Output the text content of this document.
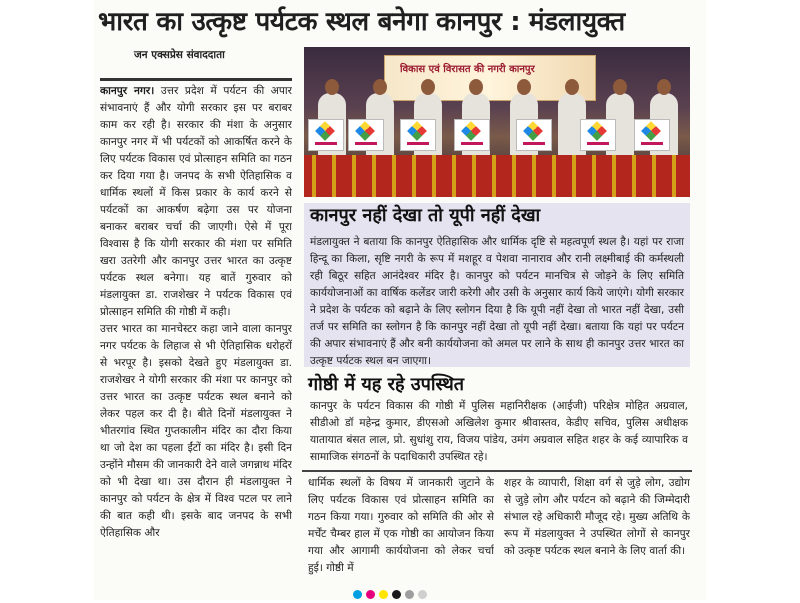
भारत का उत्कृष्ट पर्यटक स्थल बनेगा कानपुर : मंडलायुक्त
जन एक्सप्रेस संवाददाता

कानपुर नगर। उत्तर प्रदेश में पर्यटन की अपार संभावनाएं हैं और योगी सरकार इस पर बराबर काम कर रही है। सरकार की मंशा के अनुसार कानपुर नगर में भी पर्यटकों को आकर्षित करने के लिए पर्यटक विकास एवं प्रोत्साहन समिति का गठन कर दिया गया है। जनपद के सभी ऐतिहासिक व धार्मिक स्थलों में किस प्रकार के कार्य करने से पर्यटकों का आकर्षण बढ़ेगा उस पर योजना बनाकर बराबर चर्चा की जाएगी। ऐसे में पूरा विश्वास है कि योगी सरकार की मंशा पर समिति खरा उतरेगी और कानपुर उत्तर भारत का उत्कृष्ट पर्यटक स्थल बनेगा। यह बातें गुरुवार को मंडलायुक्त डा. राजशेखर ने पर्यटक विकास एवं प्रोत्साहन समिति की गोष्ठी में कही।

उत्तर भारत का मानचेस्टर कहा जाने वाला कानपुर नगर पर्यटक के लिहाज से भी ऐतिहासिक धरोहरों से भरपूर है। इसको देखते हुए मंडलायुक्त डा. राजशेखर ने योगी सरकार की मंशा पर कानपुर को उत्तर भारत का उत्कृष्ट पर्यटक स्थल बनाने को लेकर पहल कर दी है। बीते दिनों मंडलायुक्त ने भीतरगांव स्थित गुप्तकालीन मंदिर का दौरा किया था जो देश का पहला ईंटों का मंदिर है। इसी दिन उन्होंने मौसम की जानकारी देने वाले जगन्नाथ मंदिर को भी देखा था। उस दौरान ही मंडलायुक्त ने कानपुर को पर्यटन के क्षेत्र में विश्व पटल पर लाने की बात कही थी। इसके बाद जनपद के सभी ऐतिहासिक और

विकास एवं विरासत की नगरी कानपुर
कानपुर नहीं देखा तो यूपी नहीं देखा

मंडलायुक्त ने बताया कि कानपुर ऐतिहासिक और धार्मिक दृष्टि से महत्वपूर्ण स्थल है। यहां पर राजा हिन्दू का किला, सृष्टि नगरी के रूप में मशहूर व पेशवा नानाराव और रानी लक्ष्मीबाई की कर्मस्थली रही बिठूर सहित आनंदेश्वर मंदिर है। कानपुर को पर्यटन मानचित्र से जोड़ने के लिए समिति कार्ययोजनाओं का वार्षिक कलेंडर जारी करेगी और उसी के अनुसार कार्य किये जाएंगे। योगी सरकार ने प्रदेश के पर्यटक को बढ़ाने के लिए स्लोगन दिया है कि यूपी नहीं देखा तो भारत नहीं देखा, उसी तर्ज पर समिति का स्लोगन है कि कानपुर नहीं देखा तो यूपी नहीं देखा। बताया कि यहां पर पर्यटन की अपार संभावनाएं हैं और बनी कार्ययोजना को अमल पर लाने के साथ ही कानपुर उत्तर भारत का उत्कृष्ट पर्यटक स्थल बन जाएगा।

गोष्ठी में यह रहे उपस्थित

कानपुर के पर्यटन विकास की गोष्ठी में पुलिस महानिरीक्षक (आईजी) परिक्षेत्र मोहित अग्रवाल, सीडीओ डॉ महेन्द्र कुमार, डीएसओ अखिलेश कुमार श्रीवास्तव, केडीए सचिव, पुलिस अधीक्षक यातायात बंसत लाल, प्रो. सुधांशु राय, विजय पांडेय, उमंग अग्रवाल सहित शहर के कई व्यापारिक व सामाजिक संगठनों के पदाधिकारी उपस्थित रहे।

धार्मिक स्थलों के विषय में जानकारी जुटाने के लिए पर्यटक विकास एवं प्रोत्साहन समिति का गठन किया गया। गुरुवार को समिति की ओर से मर्चेंट चैम्बर हाल में एक गोष्ठी का आयोजन किया गया और आगामी कार्ययोजना को लेकर चर्चा हुई। गोष्ठी में

शहर के व्यापारी, शिक्षा वर्ग से जुड़े लोग, उद्योग से जुड़े लोग और पर्यटन को बढ़ाने की जिम्मेदारी संभाल रहे अधिकारी मौजूद रहे। मुख्य अतिथि के रूप में मंडलायुक्त ने उपस्थित लोगों से कानपुर को उत्कृष्ट पर्यटक स्थल बनाने के लिए वार्ता की।
